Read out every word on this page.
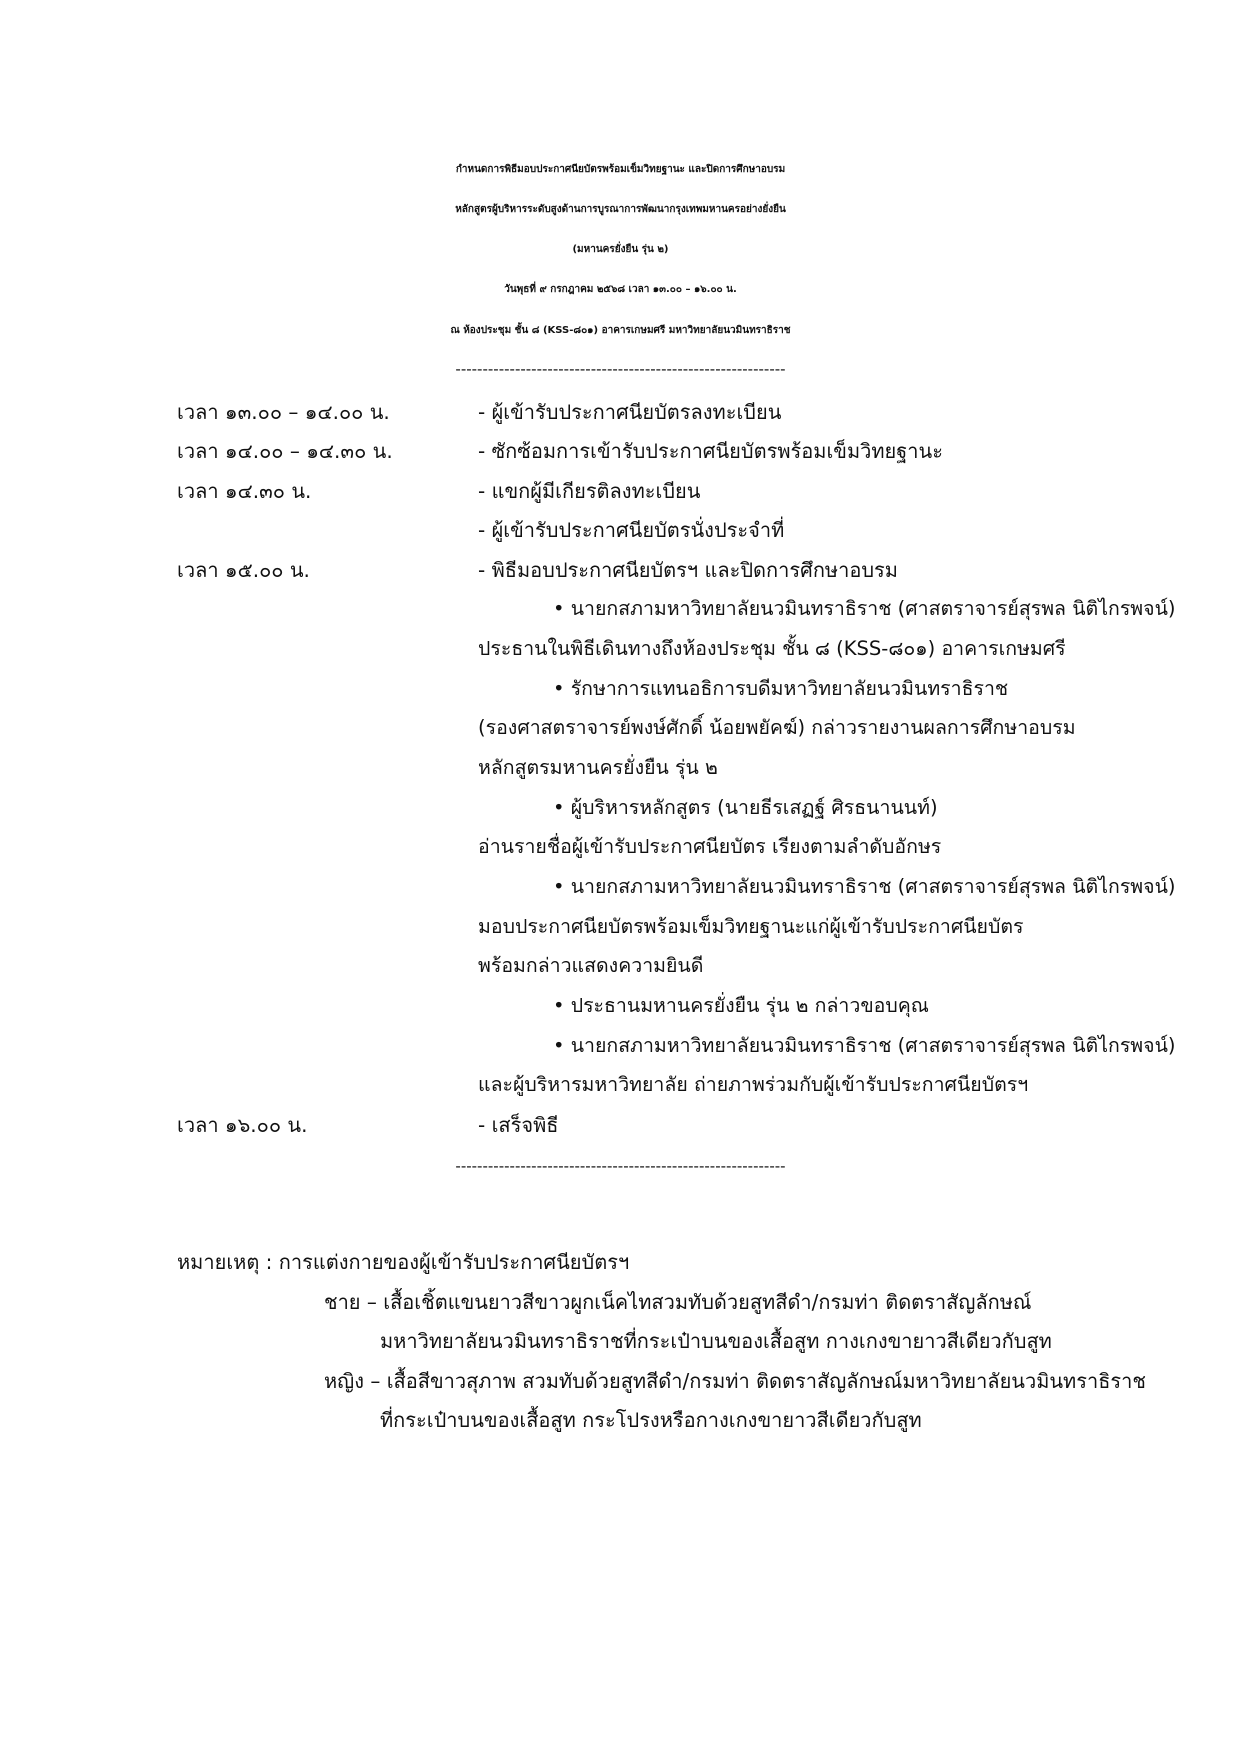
กำหนดการพิธีมอบประกาศนียบัตรพร้อมเข็มวิทยฐานะ และปิดการศึกษาอบรม
หลักสูตรผู้บริหารระดับสูงด้านการบูรณาการพัฒนากรุงเทพมหานครอย่างยั่งยืน
(มหานครยั่งยืน รุ่น ๒)
วันพุธที่ ๙ กรกฎาคม ๒๕๖๘ เวลา ๑๓.๐๐ – ๑๖.๐๐ น.
ณ ห้องประชุม ชั้น ๘ (KSS-๘๐๑) อาคารเกษมศรี มหาวิทยาลัยนวมินทราธิราช
-------------------------------------------------------------
เวลา ๑๓.๐๐ – ๑๔.๐๐ น.	- ผู้เข้ารับประกาศนียบัตรลงทะเบียน
เวลา ๑๔.๐๐ – ๑๔.๓๐ น.	- ซักซ้อมการเข้ารับประกาศนียบัตรพร้อมเข็มวิทยฐานะ
เวลา ๑๔.๓๐ น.	- แขกผู้มีเกียรติลงทะเบียน
- ผู้เข้ารับประกาศนียบัตรนั่งประจำที่
เวลา ๑๕.๐๐ น.	- พิธีมอบประกาศนียบัตรฯ และปิดการศึกษาอบรม
• นายกสภามหาวิทยาลัยนวมินทราธิราช (ศาสตราจารย์สุรพล นิติไกรพจน์)
ประธานในพิธีเดินทางถึงห้องประชุม ชั้น ๘ (KSS-๘๐๑) อาคารเกษมศรี
• รักษาการแทนอธิการบดีมหาวิทยาลัยนวมินทราธิราช
(รองศาสตราจารย์พงษ์ศักดิ์ น้อยพยัคฆ์) กล่าวรายงานผลการศึกษาอบรม
หลักสูตรมหานครยั่งยืน รุ่น ๒
• ผู้บริหารหลักสูตร (นายธีรเสฏฐ์ ศิรธนานนท์)
อ่านรายชื่อผู้เข้ารับประกาศนียบัตร เรียงตามลำดับอักษร
• นายกสภามหาวิทยาลัยนวมินทราธิราช (ศาสตราจารย์สุรพล นิติไกรพจน์)
มอบประกาศนียบัตรพร้อมเข็มวิทยฐานะแก่ผู้เข้ารับประกาศนียบัตร
พร้อมกล่าวแสดงความยินดี
• ประธานมหานครยั่งยืน รุ่น ๒ กล่าวขอบคุณ
• นายกสภามหาวิทยาลัยนวมินทราธิราช (ศาสตราจารย์สุรพล นิติไกรพจน์)
และผู้บริหารมหาวิทยาลัย ถ่ายภาพร่วมกับผู้เข้ารับประกาศนียบัตรฯ
เวลา ๑๖.๐๐ น.	- เสร็จพิธี
-------------------------------------------------------------
หมายเหตุ : การแต่งกายของผู้เข้ารับประกาศนียบัตรฯ
ชาย – เสื้อเชิ้ตแขนยาวสีขาวผูกเน็คไทสวมทับด้วยสูทสีดำ/กรมท่า ติดตราสัญลักษณ์
มหาวิทยาลัยนวมินทราธิราชที่กระเป๋าบนของเสื้อสูท กางเกงขายาวสีเดียวกับสูท
หญิง – เสื้อสีขาวสุภาพ สวมทับด้วยสูทสีดำ/กรมท่า ติดตราสัญลักษณ์มหาวิทยาลัยนวมินทราธิราช
ที่กระเป๋าบนของเสื้อสูท กระโปรงหรือกางเกงขายาวสีเดียวกับสูท
